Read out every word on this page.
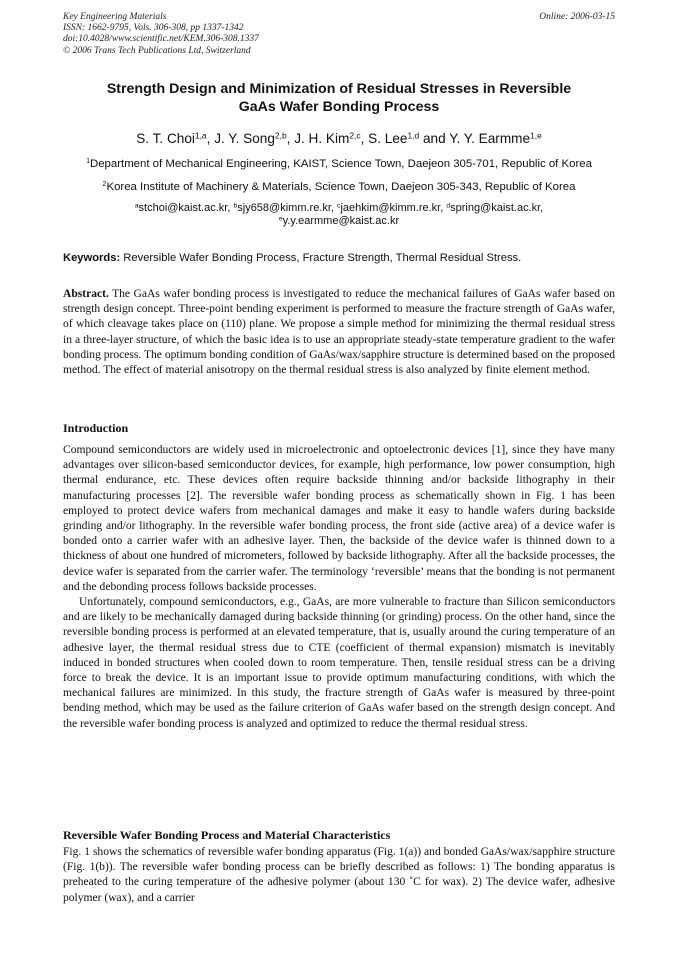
Key Engineering Materials
ISSN: 1662-9795, Vols. 306-308, pp 1337-1342
doi:10.4028/www.scientific.net/KEM.306-308.1337
© 2006 Trans Tech Publications Ltd, Switzerland
Online: 2006-03-15
Strength Design and Minimization of Residual Stresses in Reversible
GaAs Wafer Bonding Process
S. T. Choi$^{1,a}$, J. Y. Song$^{2,b}$, J. H. Kim$^{2,c}$, S. Lee$^{1,d}$ and Y. Y. Earmme$^{1,e}$
$^1$Department of Mechanical Engineering, KAIST, Science Town, Daejeon 305-701, Republic of Korea
$^2$Korea Institute of Machinery & Materials, Science Town, Daejeon 305-343, Republic of Korea
$^a$stchoi@kaist.ac.kr, $^b$sjy658@kimm.re.kr, $^c$jaehkim@kimm.re.kr, $^d$spring@kaist.ac.kr,
$^e$y.y.earmme@kaist.ac.kr
Keywords: Reversible Wafer Bonding Process, Fracture Strength, Thermal Residual Stress.
Abstract. The GaAs wafer bonding process is investigated to reduce the mechanical failures of GaAs wafer based on strength design concept. Three-point bending experiment is performed to measure the fracture strength of GaAs wafer, of which cleavage takes place on (110) plane. We propose a simple method for minimizing the thermal residual stress in a three-layer structure, of which the basic idea is to use an appropriate steady-state temperature gradient to the wafer bonding process. The optimum bonding condition of GaAs/wax/sapphire structure is determined based on the proposed method. The effect of material anisotropy on the thermal residual stress is also analyzed by finite element method.
Introduction

Compound semiconductors are widely used in microelectronic and optoelectronic devices [1], since they have many advantages over silicon-based semiconductor devices, for example, high performance, low power consumption, high thermal endurance, etc. These devices often require backside thinning and/or backside lithography in their manufacturing processes [2]. The reversible wafer bonding process as schematically shown in Fig. 1 has been employed to protect device wafers from mechanical damages and make it easy to handle wafers during backside grinding and/or lithography. In the reversible wafer bonding process, the front side (active area) of a device wafer is bonded onto a carrier wafer with an adhesive layer. Then, the backside of the device wafer is thinned down to a thickness of about one hundred of micrometers, followed by backside lithography. After all the backside processes, the device wafer is separated from the carrier wafer. The terminology ‘reversible’ means that the bonding is not permanent and the debonding process follows backside processes.

Unfortunately, compound semiconductors, e.g., GaAs, are more vulnerable to fracture than Silicon semiconductors and are likely to be mechanically damaged during backside thinning (or grinding) process. On the other hand, since the reversible bonding process is performed at an elevated temperature, that is, usually around the curing temperature of an adhesive layer, the thermal residual stress due to CTE (coefficient of thermal expansion) mismatch is inevitably induced in bonded structures when cooled down to room temperature. Then, tensile residual stress can be a driving force to break the device. It is an important issue to provide optimum manufacturing conditions, with which the mechanical failures are minimized. In this study, the fracture strength of GaAs wafer is measured by three-point bending method, which may be used as the failure criterion of GaAs wafer based on the strength design concept. And the reversible wafer bonding process is analyzed and optimized to reduce the thermal residual stress.

Reversible Wafer Bonding Process and Material Characteristics

Fig. 1 shows the schematics of reversible wafer bonding apparatus (Fig. 1(a)) and bonded GaAs/wax/sapphire structure (Fig. 1(b)). The reversible wafer bonding process can be briefly described as follows: 1) The bonding apparatus is preheated to the curing temperature of the adhesive polymer (about 130 ˚C for wax). 2) The device wafer, adhesive polymer (wax), and a carrier
